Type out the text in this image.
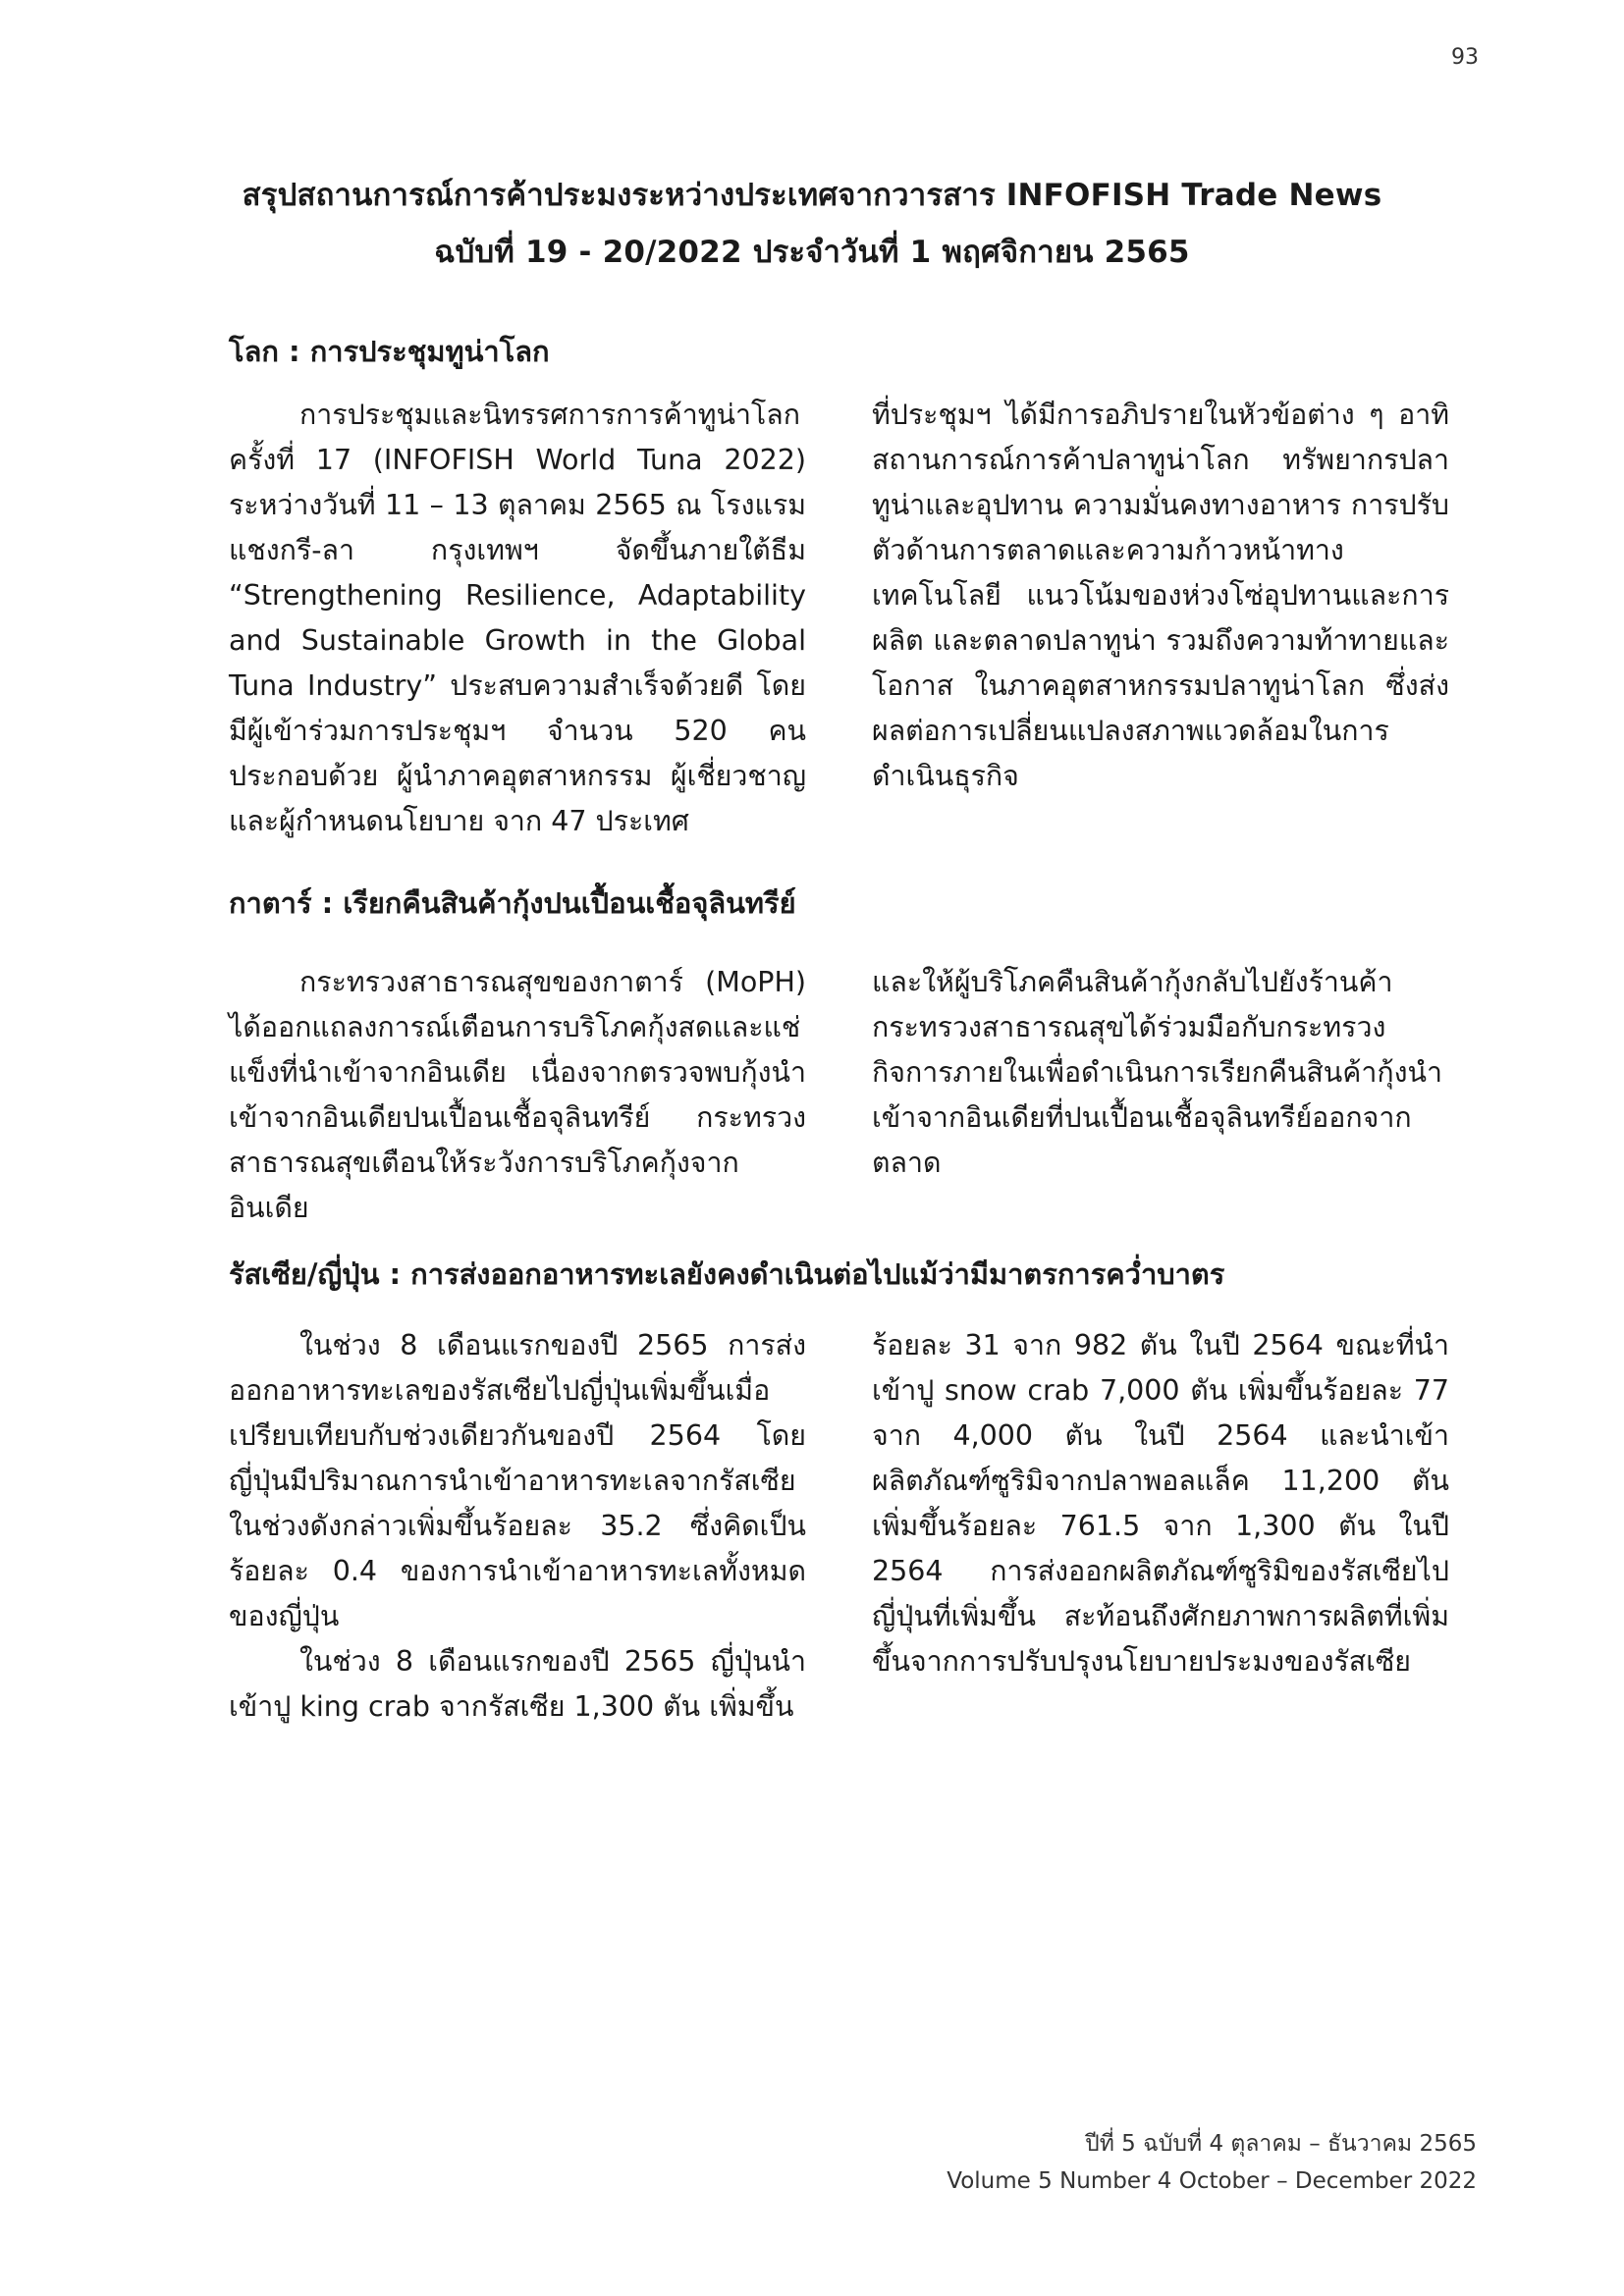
93
สรุปสถานการณ์การค้าประมงระหว่างประเทศจากวารสาร INFOFISH Trade News
ฉบับที่ 19 - 20/2022 ประจำวันที่ 1 พฤศจิกายน 2565
โลก : การประชุมทูน่าโลก

การประชุมและนิทรรศการการค้าทูน่าโลก ครั้งที่ 17 (INFOFISH World Tuna 2022) ระหว่างวันที่ 11 – 13 ตุลาคม 2565 ณ โรงแรมแชงกรี-ลา กรุงเทพฯ จัดขึ้นภายใต้ธีม “Strengthening Resilience, Adaptability and Sustainable Growth in the Global Tuna Industry” ประสบความสำเร็จด้วยดี โดยมีผู้เข้าร่วมการประชุมฯ จำนวน 520 คน ประกอบด้วย ผู้นำภาคอุตสาหกรรม ผู้เชี่ยวชาญ และผู้กำหนดนโยบาย จาก 47 ประเทศ

ที่ประชุมฯ ได้มีการอภิปรายในหัวข้อต่าง ๆ อาทิ สถานการณ์การค้าปลาทูน่าโลก ทรัพยากรปลาทูน่าและอุปทาน ความมั่นคงทางอาหาร การปรับตัวด้านการตลาดและความก้าวหน้าทางเทคโนโลยี แนวโน้มของห่วงโซ่อุปทานและการผลิต และตลาดปลาทูน่า รวมถึงความท้าทายและโอกาส ในภาคอุตสาหกรรมปลาทูน่าโลก ซึ่งส่งผลต่อการเปลี่ยนแปลงสภาพแวดล้อมในการดำเนินธุรกิจ

กาตาร์ : เรียกคืนสินค้ากุ้งปนเปื้อนเชื้อจุลินทรีย์

กระทรวงสาธารณสุขของกาตาร์ (MoPH) ได้ออกแถลงการณ์เตือนการบริโภคกุ้งสดและแช่แข็งที่นำเข้าจากอินเดีย เนื่องจากตรวจพบกุ้งนำเข้าจากอินเดียปนเปื้อนเชื้อจุลินทรีย์ กระทรวงสาธารณสุขเตือนให้ระวังการบริโภคกุ้งจากอินเดีย

และให้ผู้บริโภคคืนสินค้ากุ้งกลับไปยังร้านค้า กระทรวงสาธารณสุขได้ร่วมมือกับกระทรวงกิจการภายในเพื่อดำเนินการเรียกคืนสินค้ากุ้งนำเข้าจากอินเดียที่ปนเปื้อนเชื้อจุลินทรีย์ออกจากตลาด

รัสเซีย/ญี่ปุ่น : การส่งออกอาหารทะเลยังคงดำเนินต่อไปแม้ว่ามีมาตรการคว่ำบาตร

ในช่วง 8 เดือนแรกของปี 2565 การส่งออกอาหารทะเลของรัสเซียไปญี่ปุ่นเพิ่มขึ้นเมื่อเปรียบเทียบกับช่วงเดียวกันของปี 2564 โดยญี่ปุ่นมีปริมาณการนำเข้าอาหารทะเลจากรัสเซียในช่วงดังกล่าวเพิ่มขึ้นร้อยละ 35.2 ซึ่งคิดเป็นร้อยละ 0.4 ของการนำเข้าอาหารทะเลทั้งหมดของญี่ปุ่น

ในช่วง 8 เดือนแรกของปี 2565 ญี่ปุ่นนำเข้าปู king crab จากรัสเซีย 1,300 ตัน เพิ่มขึ้น

ร้อยละ 31 จาก 982 ตัน ในปี 2564 ขณะที่นำเข้าปู snow crab 7,000 ตัน เพิ่มขึ้นร้อยละ 77 จาก 4,000 ตัน ในปี 2564 และนำเข้าผลิตภัณฑ์ซูริมิจากปลาพอลแล็ค 11,200 ตัน เพิ่มขึ้นร้อยละ 761.5 จาก 1,300 ตัน ในปี 2564 การส่งออกผลิตภัณฑ์ซูริมิของรัสเซียไปญี่ปุ่นที่เพิ่มขึ้น สะท้อนถึงศักยภาพการผลิตที่เพิ่มขึ้นจากการปรับปรุงนโยบายประมงของรัสเซีย

ปีที่ 5 ฉบับที่ 4 ตุลาคม – ธันวาคม 2565
Volume 5 Number 4 October – December 2022
